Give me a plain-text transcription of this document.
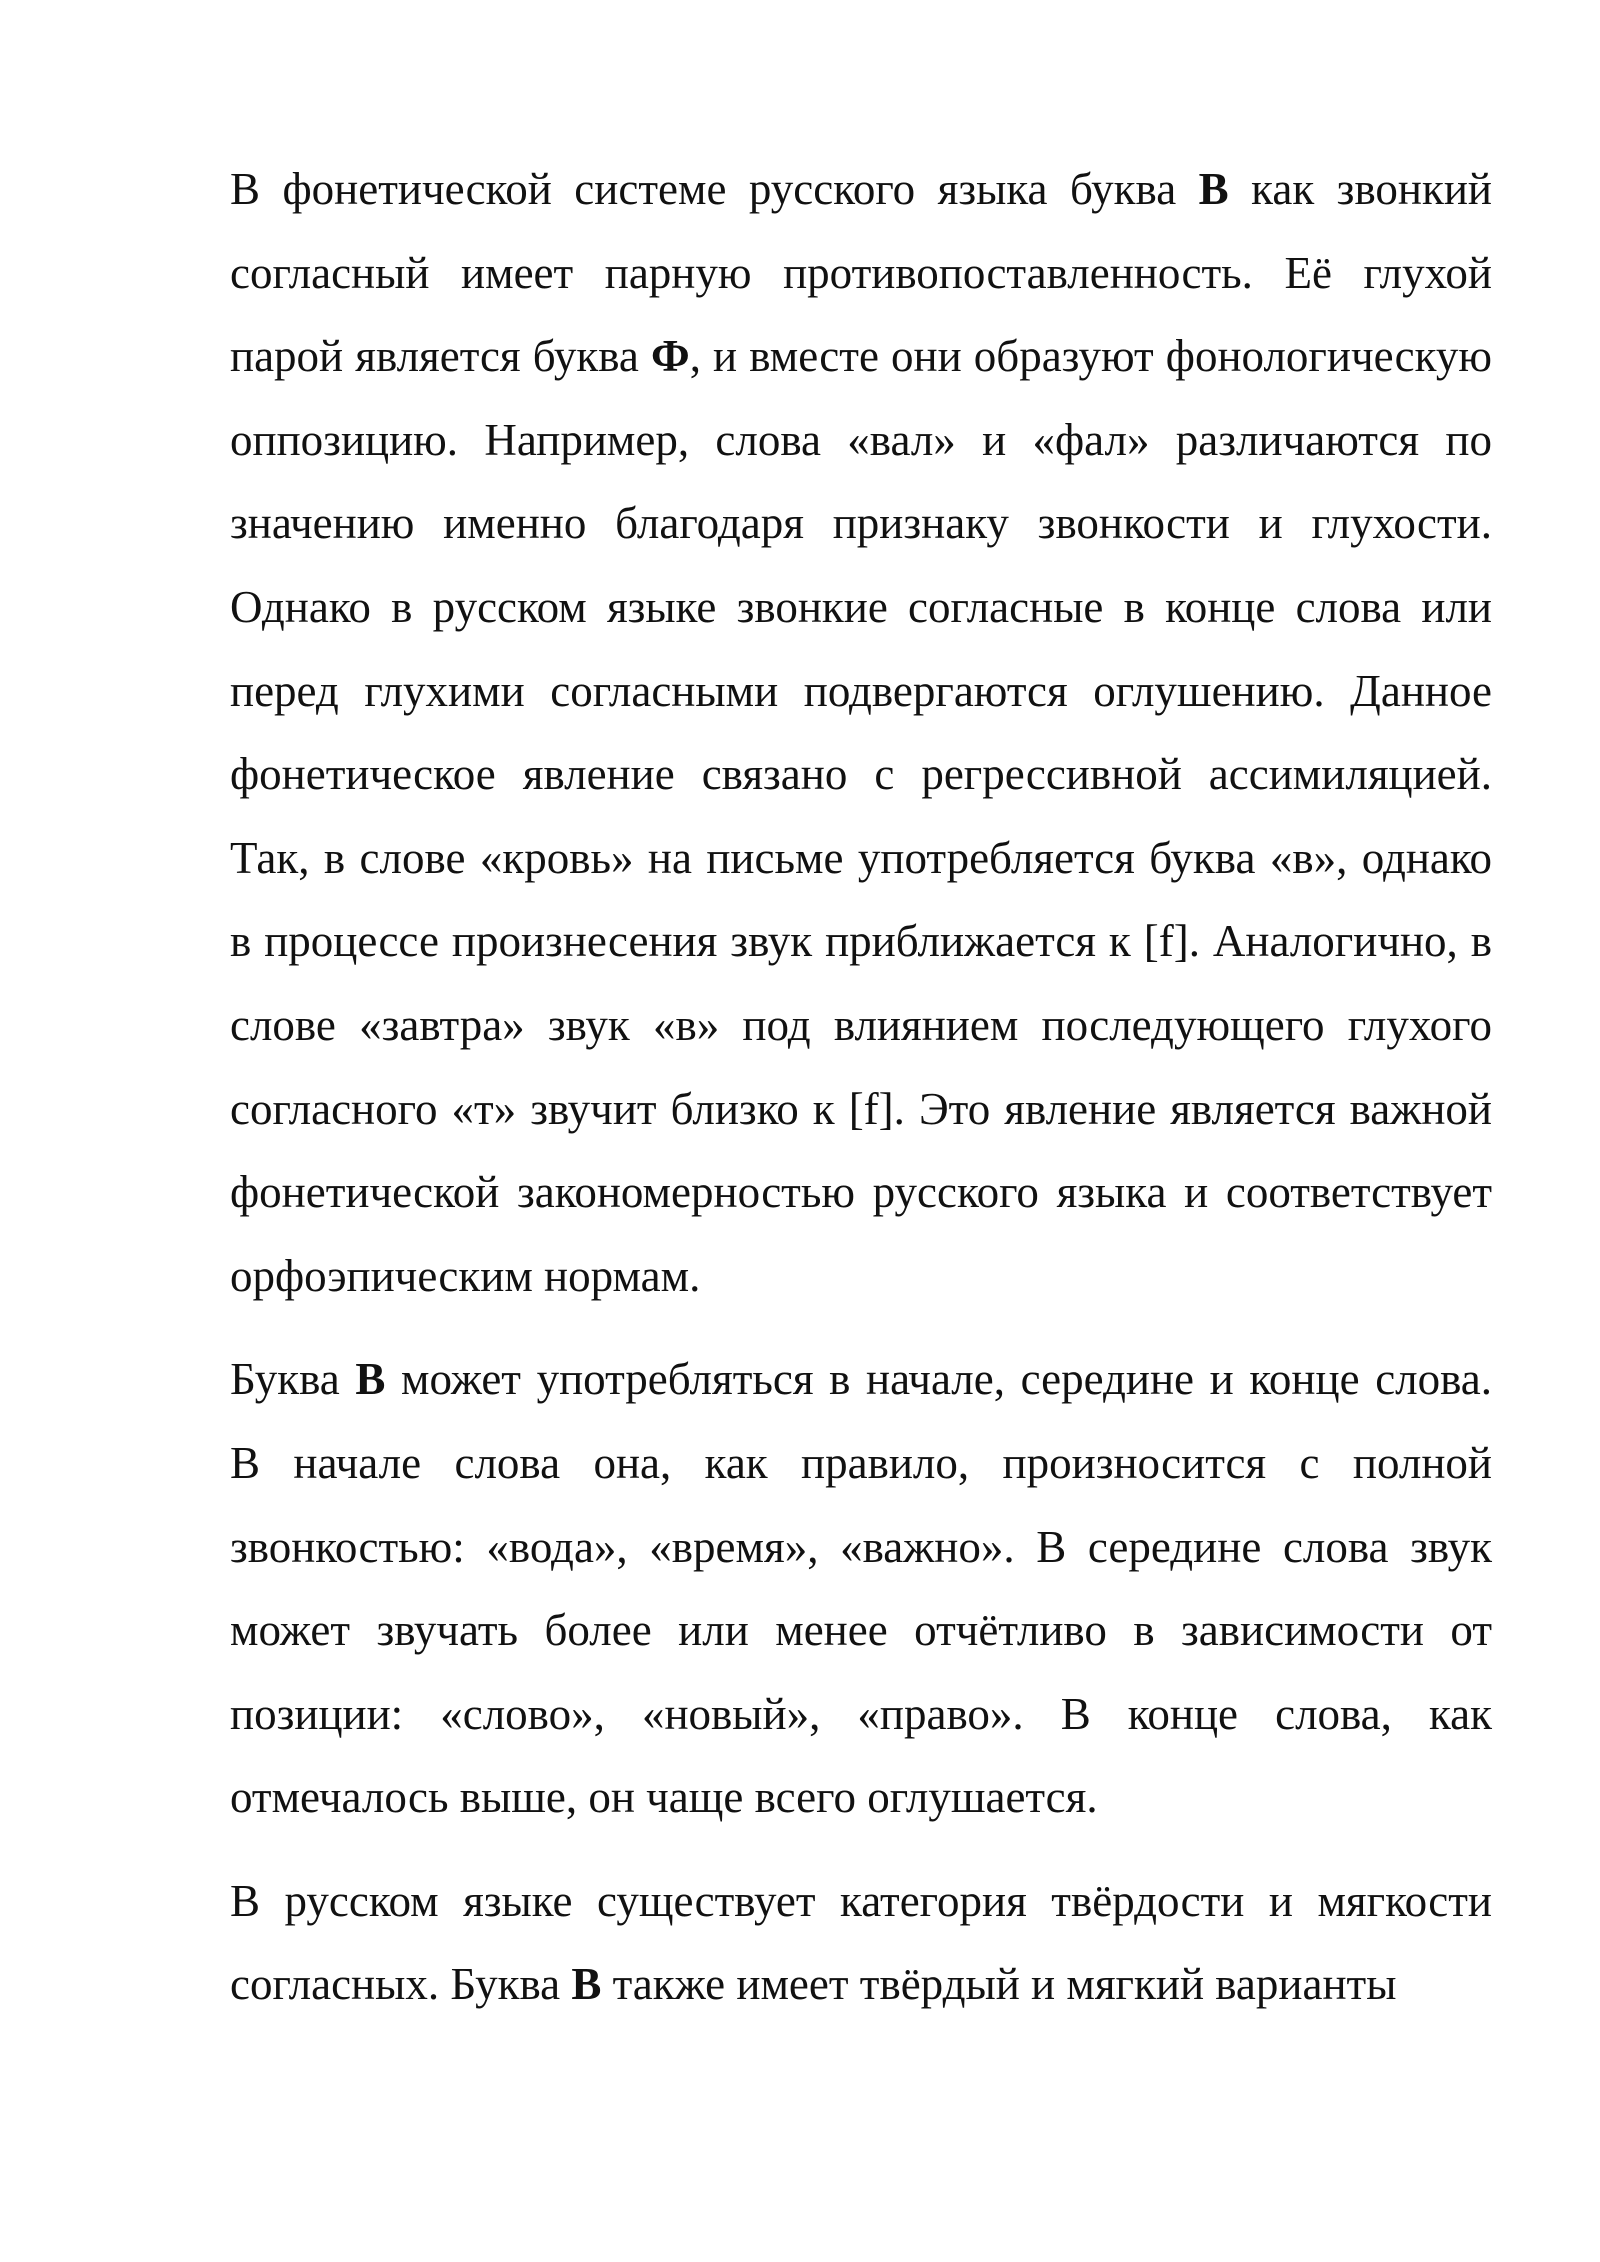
В фонетической системе русского языка буква В как звонкий согласный имеет парную противопоставленность. Её глухой парой является буква Ф, и вместе они образуют фонологическую оппозицию. Например, слова «вал» и «фал» различаются по значению именно благодаря признаку звонкости и глухости. Однако в русском языке звонкие согласные в конце слова или перед глухими согласными подвергаются оглушению. Данное фонетическое явление связано с регрессивной ассимиляцией. Так, в слове «кровь» на письме употребляется буква «в», однако в процессе произнесения звук приближается к [f]. Аналогично, в слове «завтра» звук «в» под влиянием последующего глухого согласного «т» звучит близко к [f]. Это явление является важной фонетической закономерностью русского языка и соответствует орфоэпическим нормам.

Буква В может употребляться в начале, середине и конце слова. В начале слова она, как правило, произносится с полной звонкостью: «вода», «время», «важно». В середине слова звук может звучать более или менее отчётливо в зависимости от позиции: «слово», «новый», «право». В конце слова, как отмечалось выше, он чаще всего оглушается.

В русском языке существует категория твёрдости и мягкости согласных. Буква В также имеет твёрдый и мягкий варианты
